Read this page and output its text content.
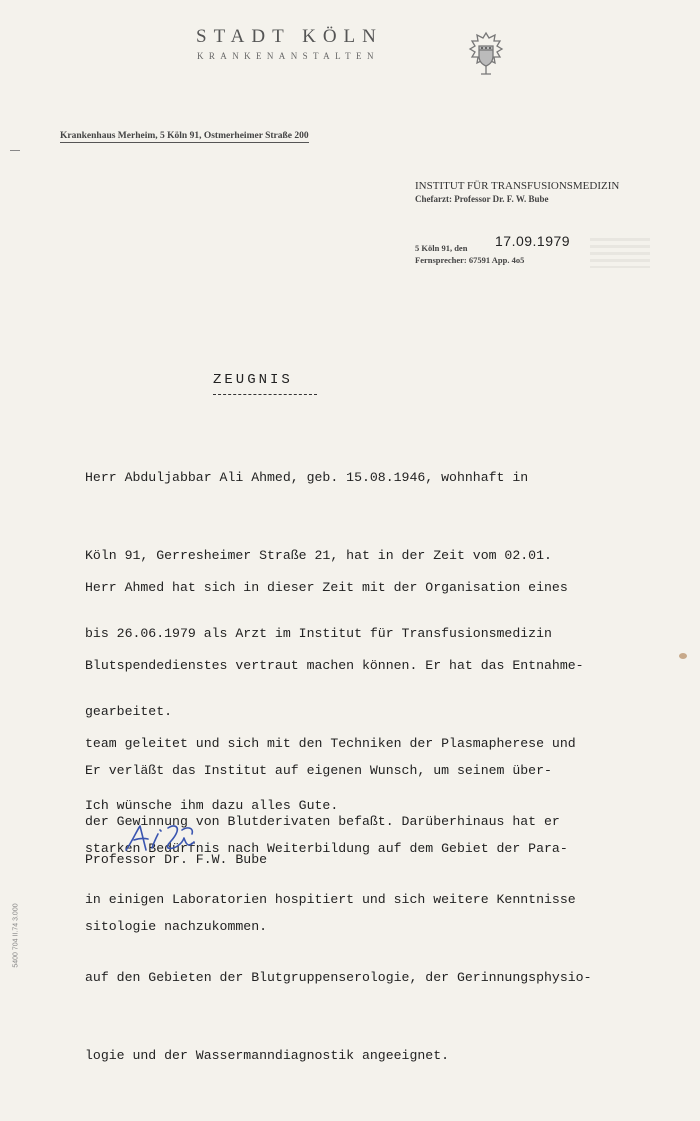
STADT KÖLN
KRANKENANSTALTEN
Krankenhaus Merheim, 5 Köln 91, Ostmerheimer Straße 200
INSTITUT FÜR TRANSFUSIONSMEDIZIN
Chefarzt: Professor Dr. F. W. Bube
17.09.1979
5 Köln 91, den
Fernsprecher: 67591 App. 4o5
ZEUGNIS

Herr Abduljabbar Ali Ahmed, geb. 15.08.1946, wohnhaft in

Köln 91, Gerresheimer Straße 21, hat in der Zeit vom 02.01.

bis 26.06.1979 als Arzt im Institut für Transfusionsmedizin

gearbeitet.

Herr Ahmed hat sich in dieser Zeit mit der Organisation eines

Blutspendedienstes vertraut machen können. Er hat das Entnahme-

team geleitet und sich mit den Techniken der Plasmapherese und

der Gewinnung von Blutderivaten befaßt. Darüberhinaus hat er

in einigen Laboratorien hospitiert und sich weitere Kenntnisse

auf den Gebieten der Blutgruppenserologie, der Gerinnungsphysio-

logie und der Wassermanndiagnostik angeeignet.

Er verläßt das Institut auf eigenen Wunsch, um seinem über-

starken Bedürfnis nach Weiterbildung auf dem Gebiet der Para-

sitologie nachzukommen.

Ich wünsche ihm dazu alles Gute.
Professor Dr. F.W. Bube
5400 704 II.74 3.000
